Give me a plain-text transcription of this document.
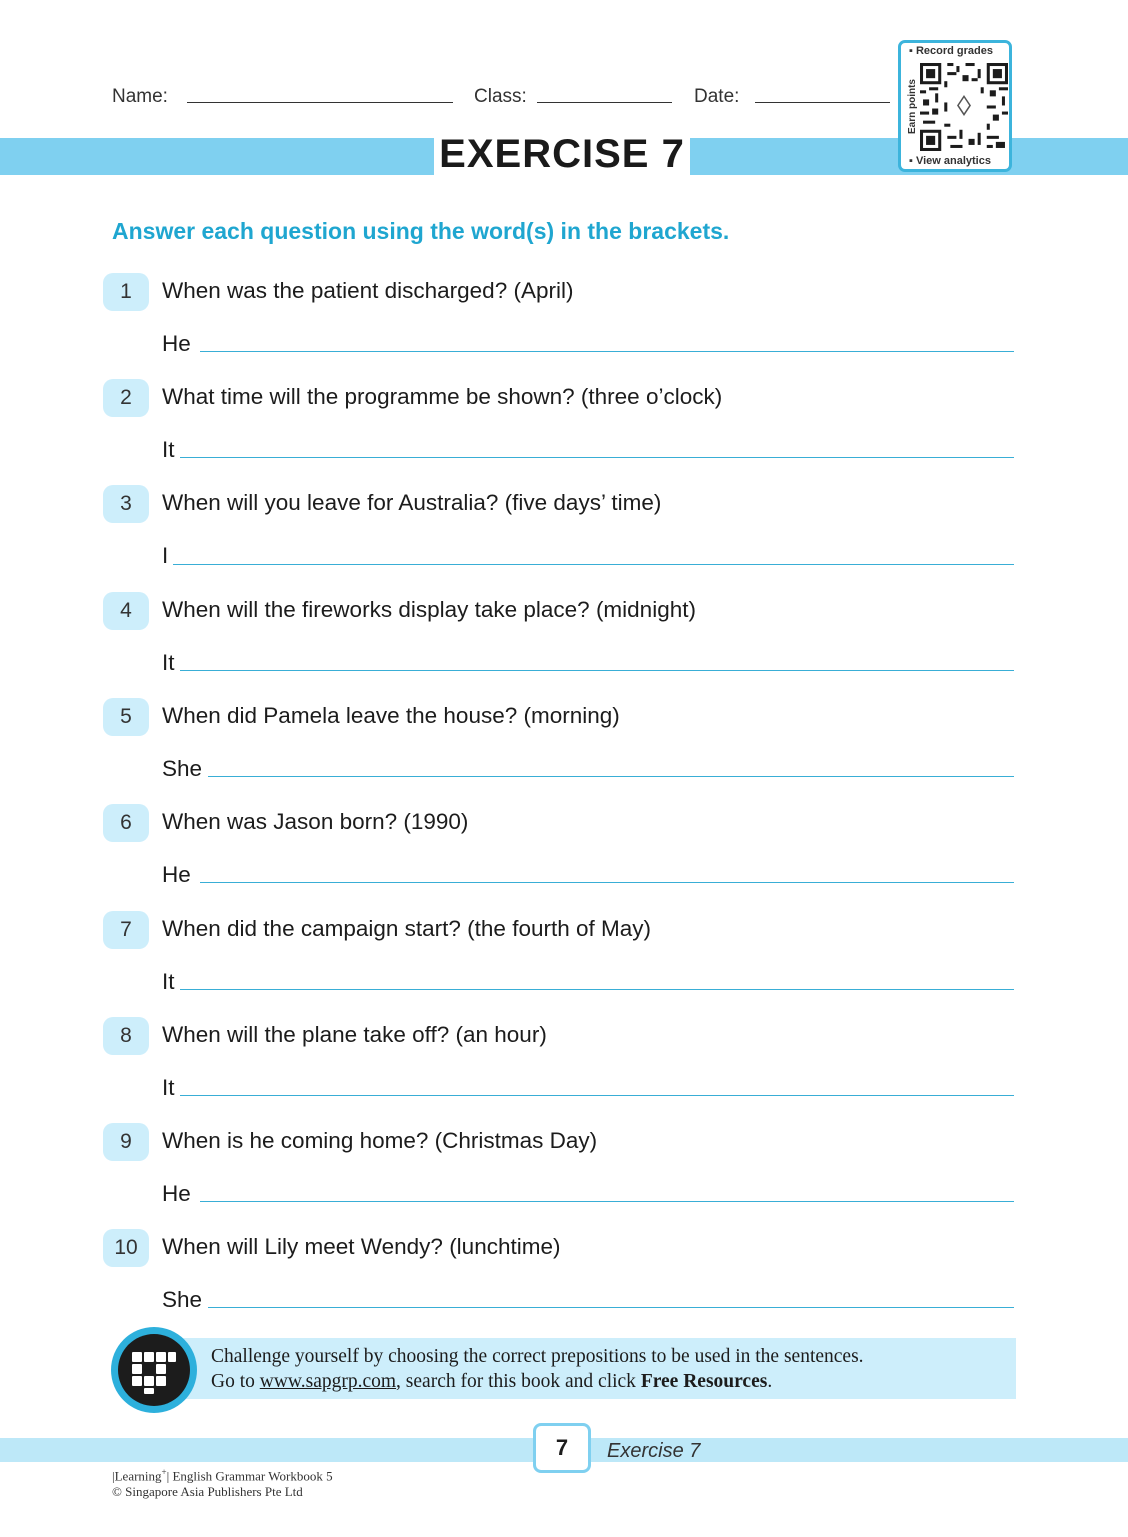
Name:	Class:	Date:
EXERCISE 7
▪ Record grades
Earn points
▪ View analytics
Answer each question using the word(s) in the brackets.
1	When was the patient discharged? (April)
He
2	What time will the programme be shown? (three o’clock)
It
3	When will you leave for Australia? (five days’ time)
I
4	When will the fireworks display take place? (midnight)
It
5	When did Pamela leave the house? (morning)
She
6	When was Jason born? (1990)
He
7	When did the campaign start? (the fourth of May)
It
8	When will the plane take off? (an hour)
It
9	When is he coming home? (Christmas Day)
He
10	When will Lily meet Wendy? (lunchtime)
She
Challenge yourself by choosing the correct prepositions to be used in the sentences.
Go to www.sapgrp.com, search for this book and click Free Resources.
7	Exercise 7
|Learning+| English Grammar Workbook 5
© Singapore Asia Publishers Pte Ltd
